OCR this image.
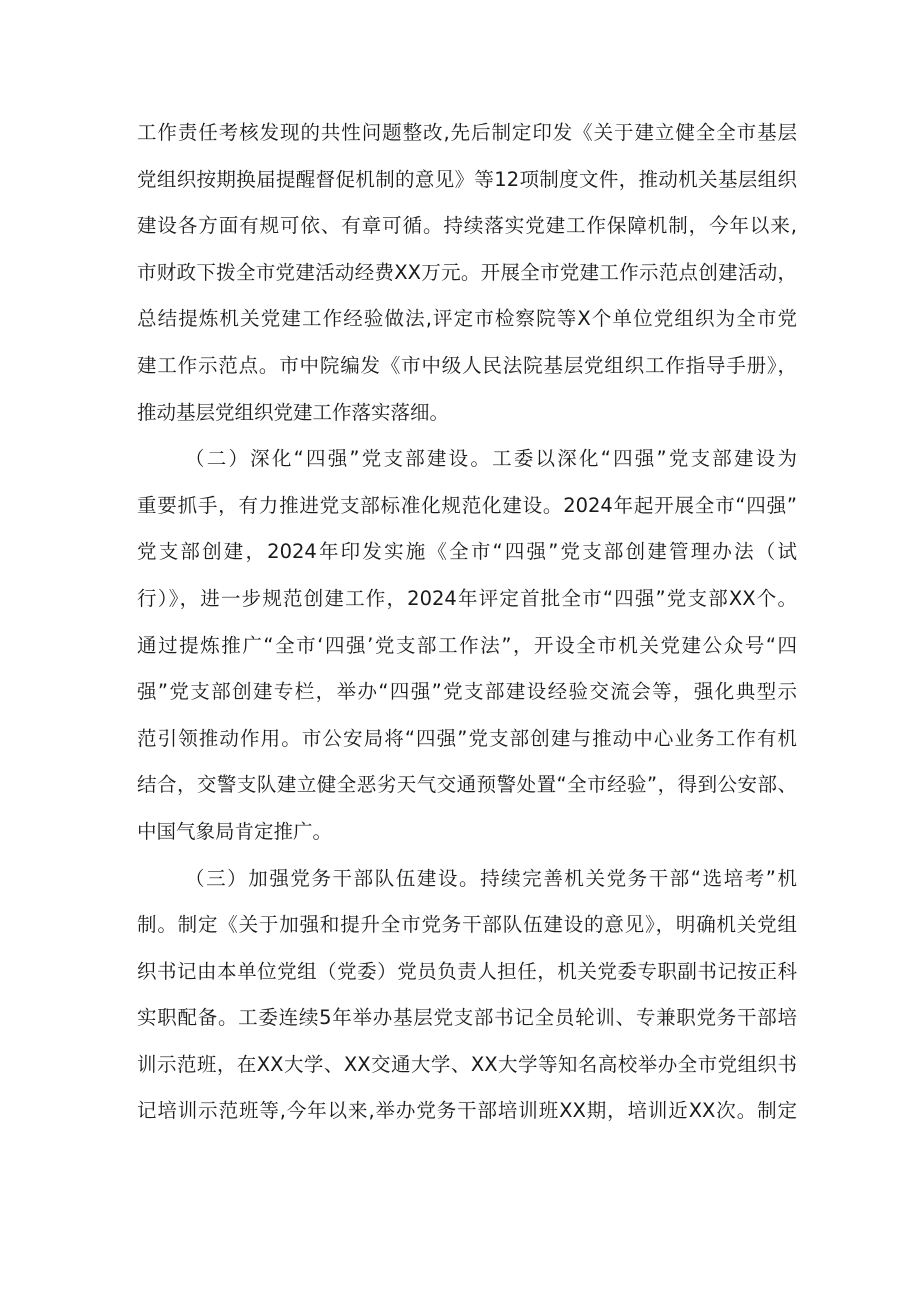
工作责任考核发现的共性问题整改,先后制定印发《关于建立健全全市基层
党组织按期换届提醒督促机制的意见》等12项制度文件，推动机关基层组织
建设各方面有规可依、有章可循。持续落实党建工作保障机制，今年以来,
市财政下拨全市党建活动经费XX万元。开展全市党建工作示范点创建活动，
总结提炼机关党建工作经验做法,评定市检察院等X个单位党组织为全市党
建工作示范点。市中院编发《市中级人民法院基层党组织工作指导手册》，
推动基层党组织党建工作落实落细。
（二）深化“四强”党支部建设。工委以深化“四强”党支部建设为
重要抓手，有力推进党支部标准化规范化建设。2024年起开展全市“四强”
党支部创建，2024年印发实施《全市“四强”党支部创建管理办法（试
行）》，进一步规范创建工作，2024年评定首批全市“四强”党支部XX个。
通过提炼推广“全市‘四强’党支部工作法”，开设全市机关党建公众号“四
强”党支部创建专栏，举办“四强”党支部建设经验交流会等，强化典型示
范引领推动作用。市公安局将“四强”党支部创建与推动中心业务工作有机
结合，交警支队建立健全恶劣天气交通预警处置“全市经验”，得到公安部、
中国气象局肯定推广。
（三）加强党务干部队伍建设。持续完善机关党务干部“选培考”机
制。制定《关于加强和提升全市党务干部队伍建设的意见》，明确机关党组
织书记由本单位党组（党委）党员负责人担任，机关党委专职副书记按正科
实职配备。工委连续5年举办基层党支部书记全员轮训、专兼职党务干部培
训示范班，在XX大学、XX交通大学、XX大学等知名高校举办全市党组织书
记培训示范班等,今年以来,举办党务干部培训班XX期，培训近XX次。制定
